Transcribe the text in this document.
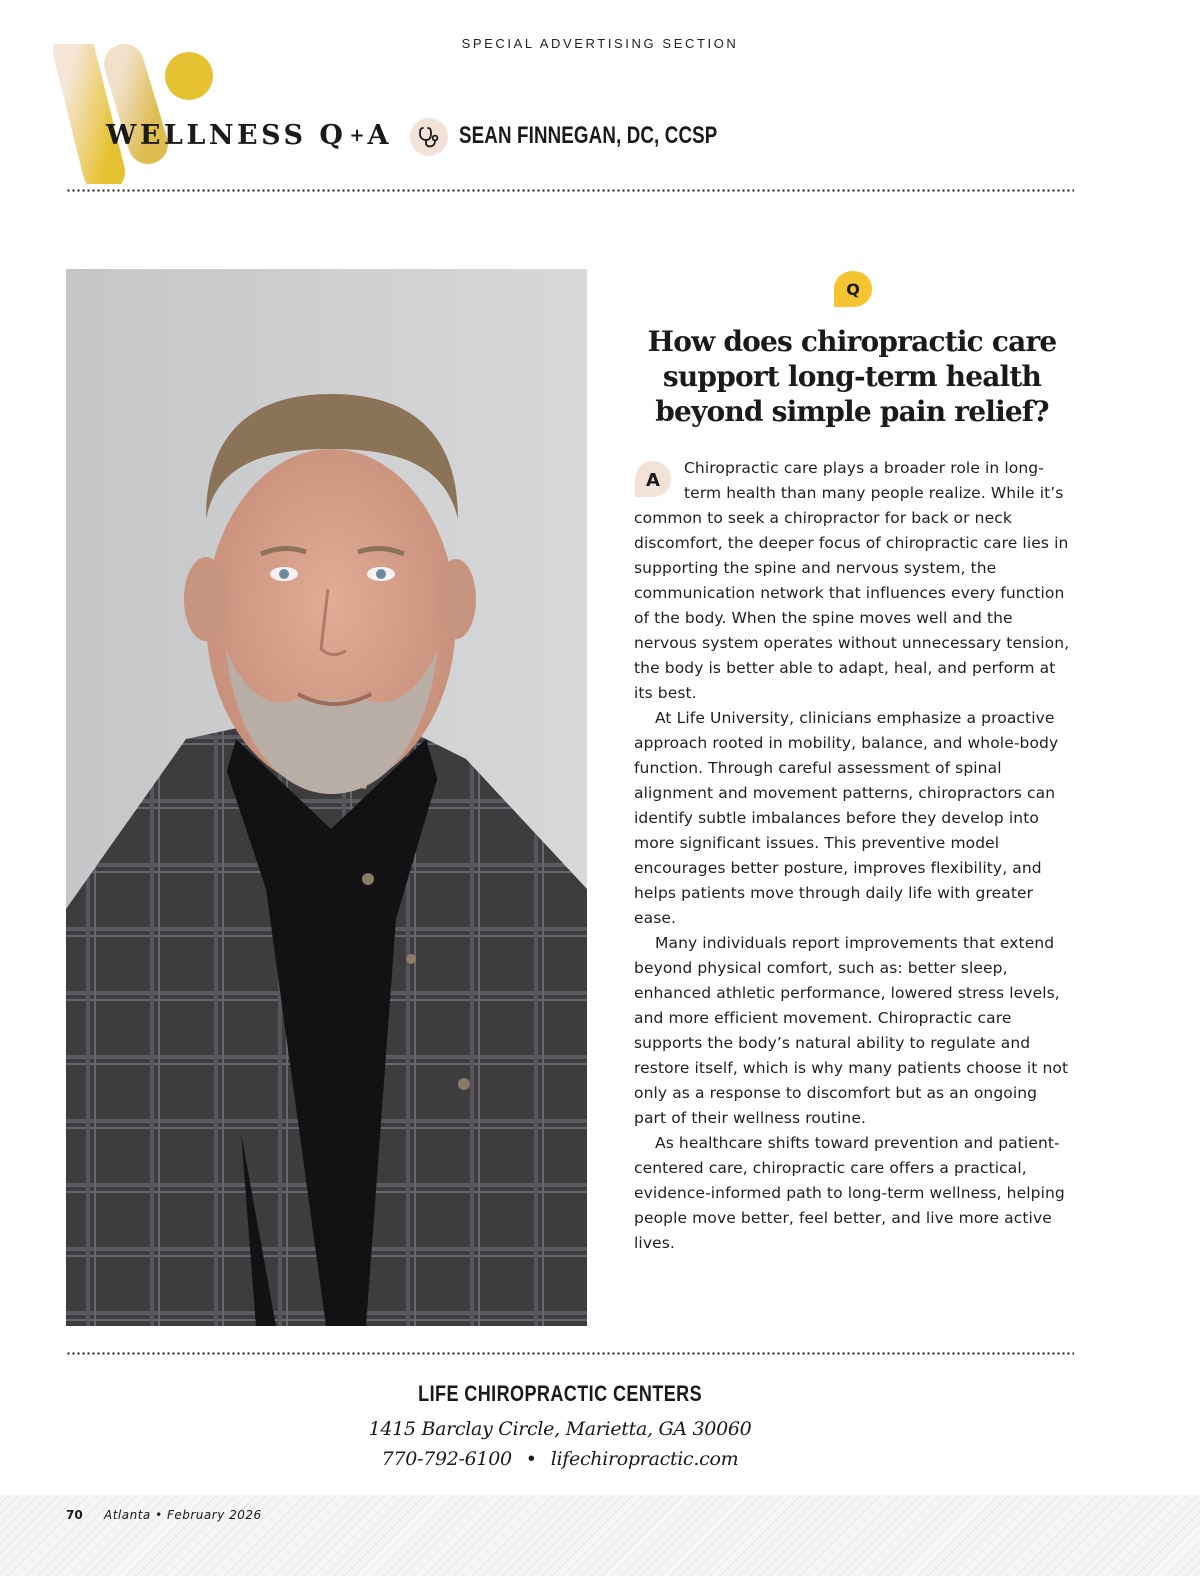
SPECIAL ADVERTISING SECTION
WELLNESS Q + A	SEAN FINNEGAN, DC, CCSP
Q
How does chiropractic care support long-term health beyond simple pain relief?
A

Chiropractic care plays a broader role in long-term health than many people realize. While it’s common to seek a chiropractor for back or neck discomfort, the deeper focus of chiropractic care lies in supporting the spine and nervous system, the communication network that influences every function of the body. When the spine moves well and the nervous system operates without unnecessary tension, the body is better able to adapt, heal, and perform at its best.

At Life University, clinicians emphasize a proactive approach rooted in mobility, balance, and whole-body function. Through careful assessment of spinal alignment and movement patterns, chiropractors can identify subtle imbalances before they develop into more significant issues. This preventive model encourages better posture, improves flexibility, and helps patients move through daily life with greater ease.

Many individuals report improvements that extend beyond physical comfort, such as: better sleep, enhanced athletic performance, lowered stress levels, and more efficient movement. Chiropractic care supports the body’s natural ability to regulate and restore itself, which is why many patients choose it not only as a response to discomfort but as an ongoing part of their wellness routine.

As healthcare shifts toward prevention and patient-centered care, chiropractic care offers a practical, evidence-informed path to long-term wellness, helping people move better, feel better, and live more active lives.

LIFE CHIROPRACTIC CENTERS
1415 Barclay Circle, Marietta, GA 30060
770-792-6100 • lifechiropractic.com
70 Atlanta • February 2026
